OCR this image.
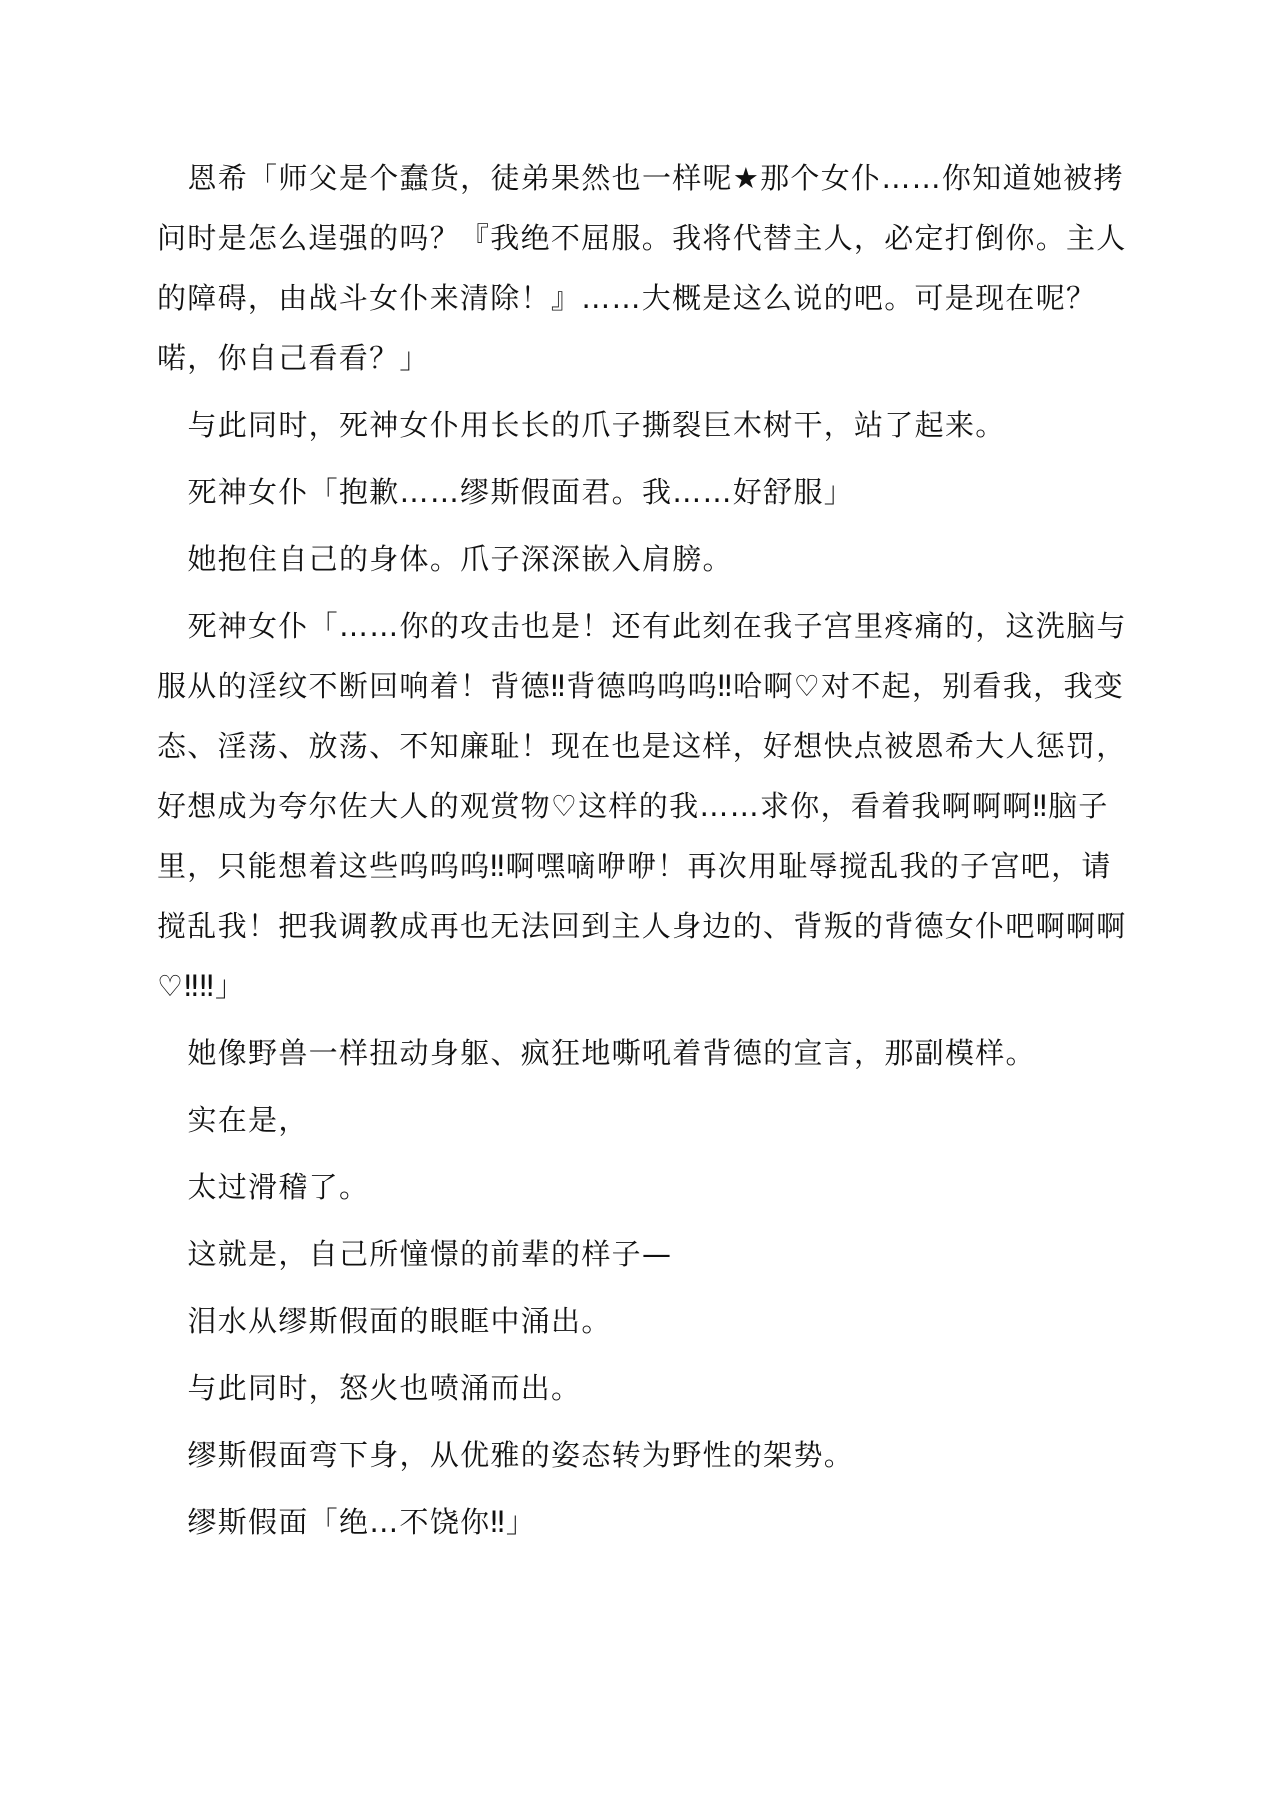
恩希「师父是个蠢货，徒弟果然也一样呢★那个女仆……你知道她被拷问时是怎么逞强的吗？『我绝不屈服。我将代替主人，必定打倒你。主人的障碍，由战斗女仆来清除！』……大概是这么说的吧。可是现在呢？喏，你自己看看？」

与此同时，死神女仆用长长的爪子撕裂巨木树干，站了起来。

死神女仆「抱歉……缪斯假面君。我……好舒服」

她抱住自己的身体。爪子深深嵌入肩膀。

死神女仆「……你的攻击也是！还有此刻在我子宫里疼痛的，这洗脑与服从的淫纹不断回响着！背德‼背德呜呜呜‼哈啊♡对不起，别看我，我变态、淫荡、放荡、不知廉耻！现在也是这样，好想快点被恩希大人惩罚，好想成为夸尔佐大人的观赏物♡这样的我……求你，看着我啊啊啊‼脑子里，只能想着这些呜呜呜‼啊嘿嘀咿咿！再次用耻辱搅乱我的子宫吧，请搅乱我！把我调教成再也无法回到主人身边的、背叛的背德女仆吧啊啊啊♡‼‼」

她像野兽一样扭动身躯、疯狂地嘶吼着背德的宣言，那副模样。

实在是，

太过滑稽了。

这就是，自己所憧憬的前辈的样子—

泪水从缪斯假面的眼眶中涌出。

与此同时，怒火也喷涌而出。

缪斯假面弯下身，从优雅的姿态转为野性的架势。

缪斯假面「绝…不饶你‼」
